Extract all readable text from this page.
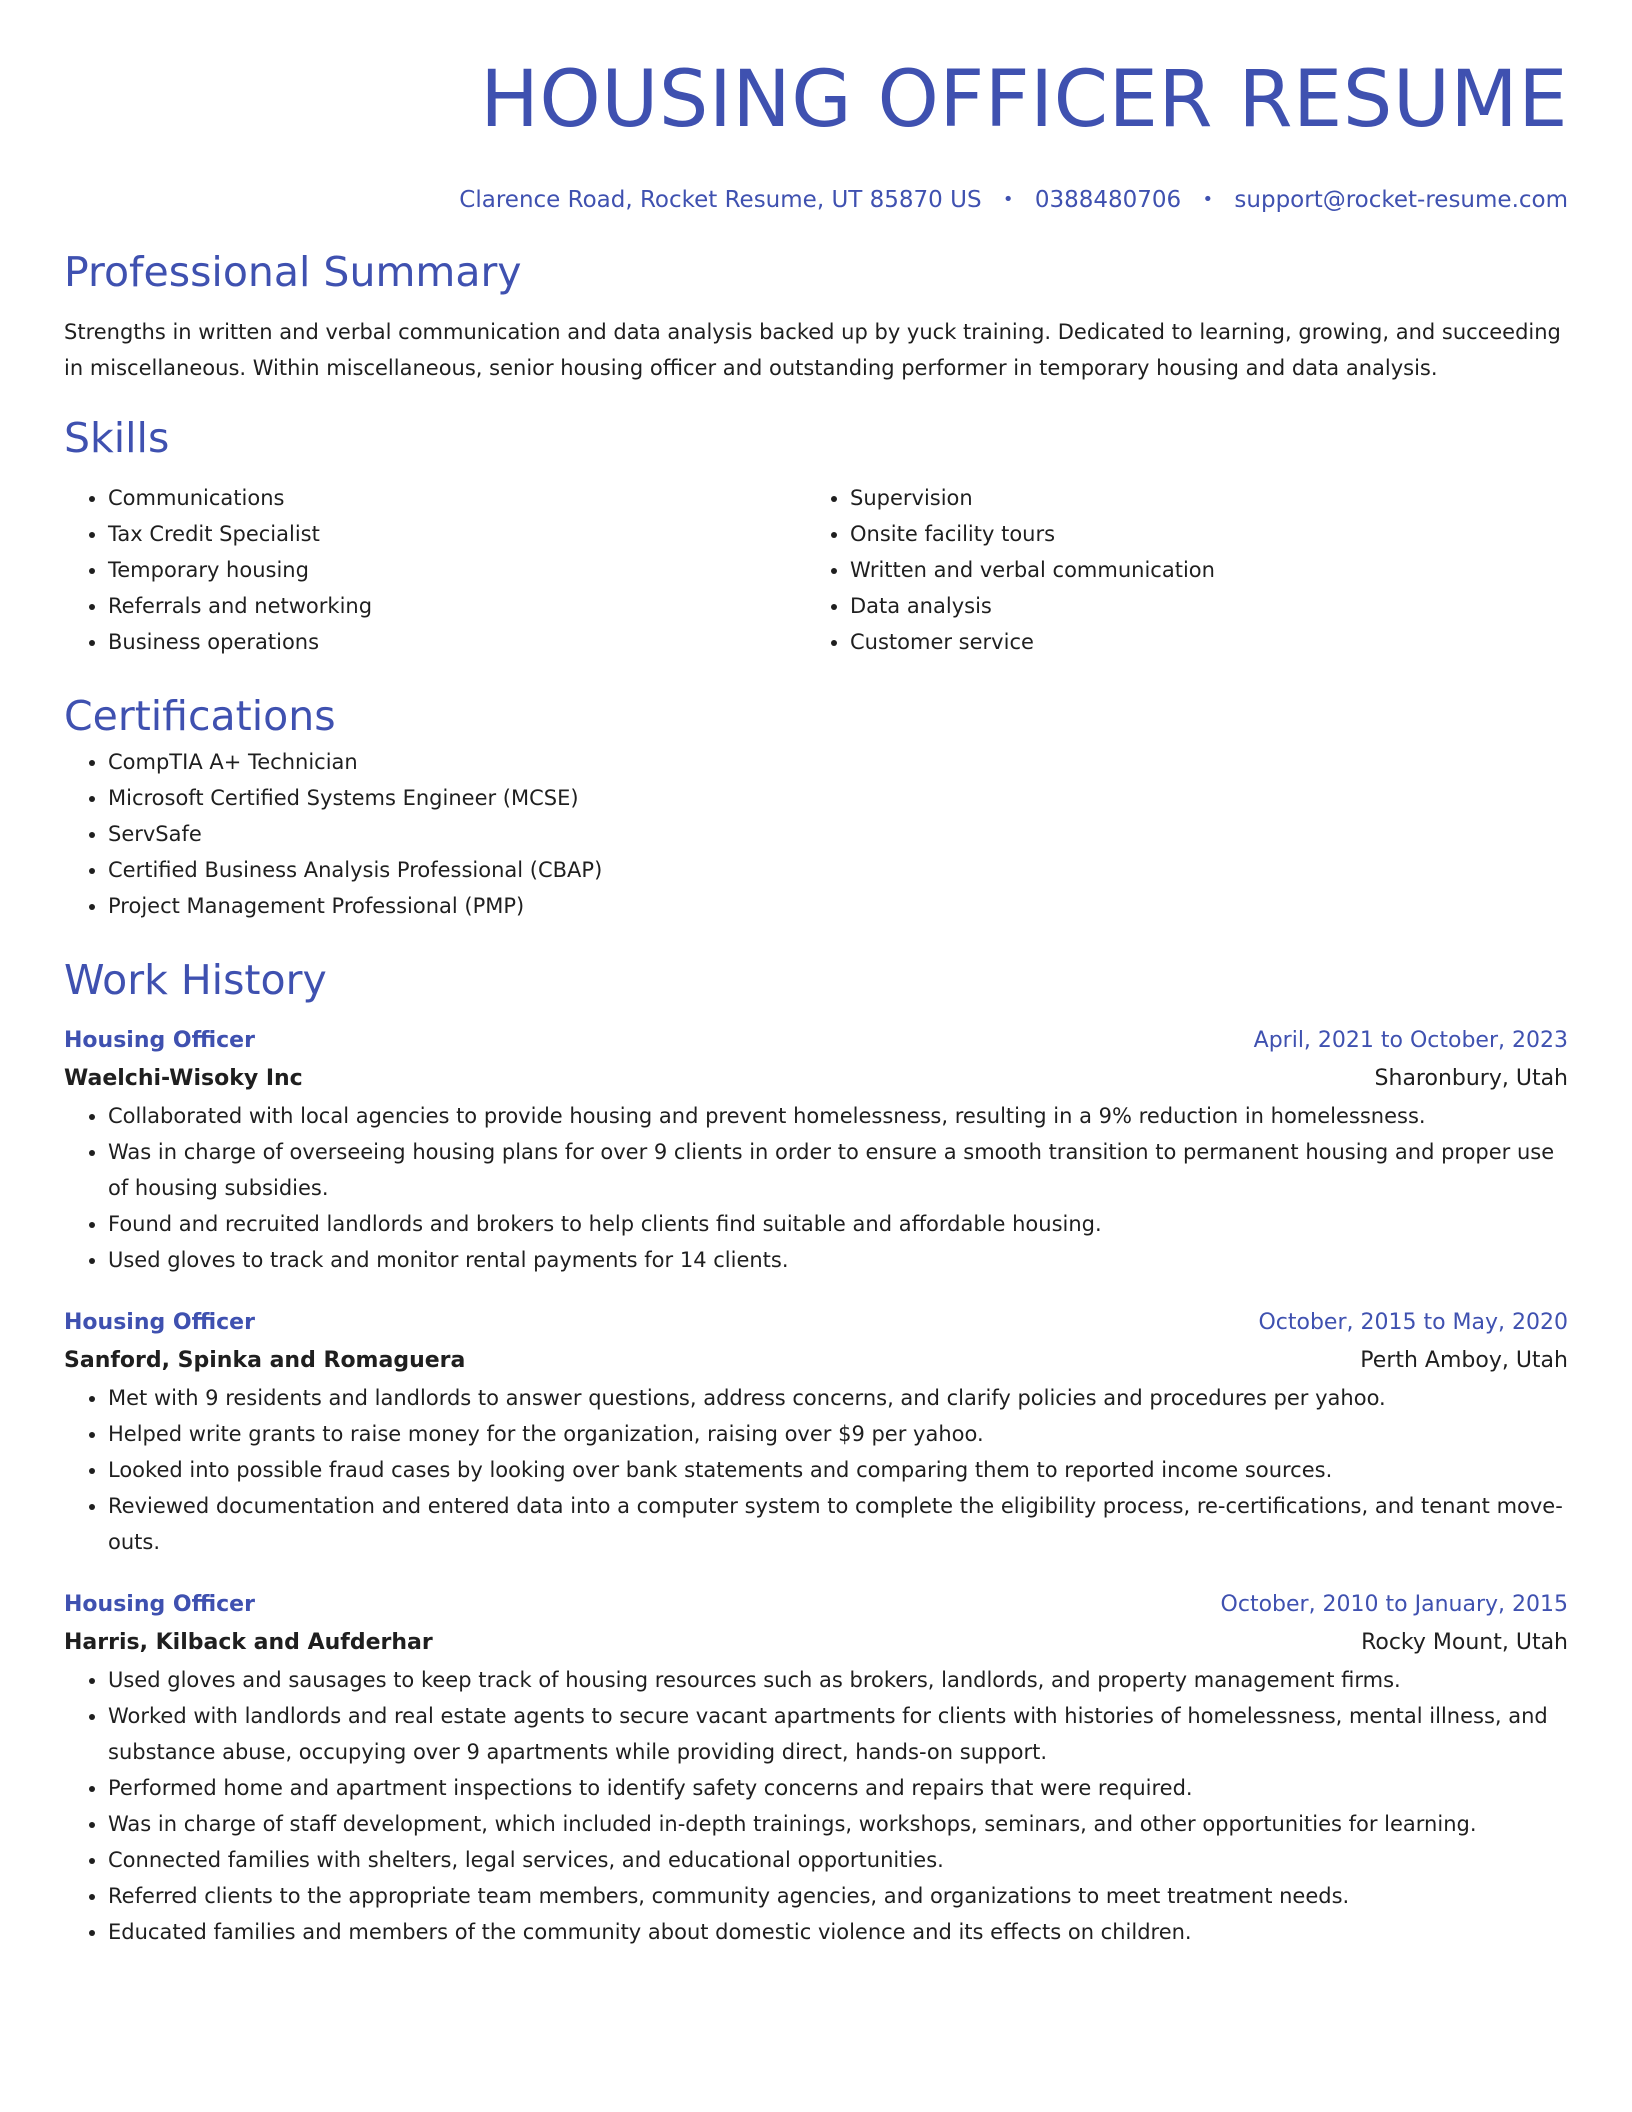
HOUSING OFFICER RESUME
Clarence Road, Rocket Resume, UT 85870 US • 0388480706 • support@rocket-resume.com
Professional Summary
Strengths in written and verbal communication and data analysis backed up by yuck training. Dedicated to learning, growing, and succeeding in miscellaneous. Within miscellaneous, senior housing officer and outstanding performer in temporary housing and data analysis.
Skills
• Communications
• Tax Credit Specialist
• Temporary housing
• Referrals and networking
• Business operations
• Supervision
• Onsite facility tours
• Written and verbal communication
• Data analysis
• Customer service
Certifications
• CompTIA A+ Technician
• Microsoft Certified Systems Engineer (MCSE)
• ServSafe
• Certified Business Analysis Professional (CBAP)
• Project Management Professional (PMP)
Work History
Housing Officer	April, 2021 to October, 2023
Waelchi-Wisoky Inc	Sharonbury, Utah
• Collaborated with local agencies to provide housing and prevent homelessness, resulting in a 9% reduction in homelessness.
• Was in charge of overseeing housing plans for over 9 clients in order to ensure a smooth transition to permanent housing and proper use of housing subsidies.
• Found and recruited landlords and brokers to help clients find suitable and affordable housing.
• Used gloves to track and monitor rental payments for 14 clients.
Housing Officer	October, 2015 to May, 2020
Sanford, Spinka and Romaguera	Perth Amboy, Utah
• Met with 9 residents and landlords to answer questions, address concerns, and clarify policies and procedures per yahoo.
• Helped write grants to raise money for the organization, raising over $9 per yahoo.
• Looked into possible fraud cases by looking over bank statements and comparing them to reported income sources.
• Reviewed documentation and entered data into a computer system to complete the eligibility process, re-certifications, and tenant move-outs.
Housing Officer	October, 2010 to January, 2015
Harris, Kilback and Aufderhar	Rocky Mount, Utah
• Used gloves and sausages to keep track of housing resources such as brokers, landlords, and property management firms.
• Worked with landlords and real estate agents to secure vacant apartments for clients with histories of homelessness, mental illness, and substance abuse, occupying over 9 apartments while providing direct, hands-on support.
• Performed home and apartment inspections to identify safety concerns and repairs that were required.
• Was in charge of staff development, which included in-depth trainings, workshops, seminars, and other opportunities for learning.
• Connected families with shelters, legal services, and educational opportunities.
• Referred clients to the appropriate team members, community agencies, and organizations to meet treatment needs.
• Educated families and members of the community about domestic violence and its effects on children.
